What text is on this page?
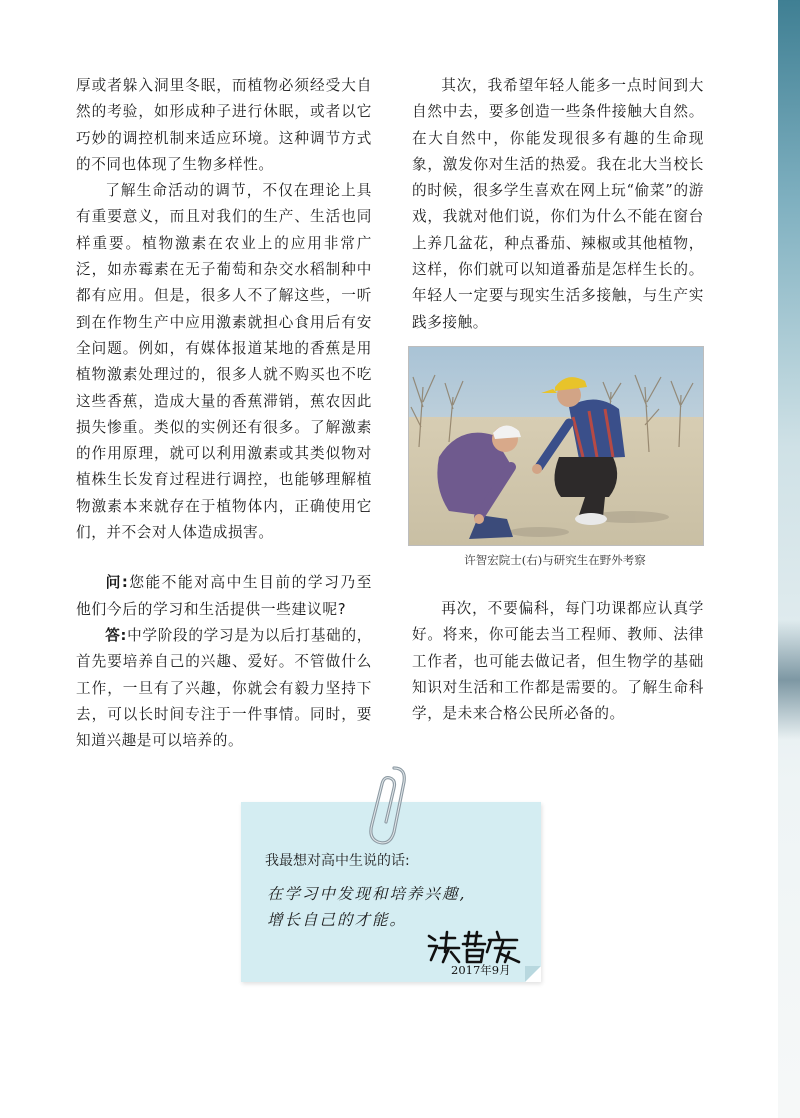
厚或者躲入洞里冬眠，而植物必须经受大自然的考验，如形成种子进行休眠，或者以它巧妙的调控机制来适应环境。这种调节方式的不同也体现了生物多样性。

了解生命活动的调节，不仅在理论上具有重要意义，而且对我们的生产、生活也同样重要。植物激素在农业上的应用非常广泛，如赤霉素在无子葡萄和杂交水稻制种中都有应用。但是，很多人不了解这些，一听到在作物生产中应用激素就担心食用后有安全问题。例如，有媒体报道某地的香蕉是用植物激素处理过的，很多人就不购买也不吃这些香蕉，造成大量的香蕉滞销，蕉农因此损失惨重。类似的实例还有很多。了解激素的作用原理，就可以利用激素或其类似物对植株生长发育过程进行调控，也能够理解植物激素本来就存在于植物体内，正确使用它们，并不会对人体造成损害。

问:您能不能对高中生目前的学习乃至他们今后的学习和生活提供一些建议呢?

答:中学阶段的学习是为以后打基础的，首先要培养自己的兴趣、爱好。不管做什么工作，一旦有了兴趣，你就会有毅力坚持下去，可以长时间专注于一件事情。同时，要知道兴趣是可以培养的。

其次，我希望年轻人能多一点时间到大自然中去，要多创造一些条件接触大自然。在大自然中，你能发现很多有趣的生命现象，激发你对生活的热爱。我在北大当校长的时候，很多学生喜欢在网上玩“偷菜”的游戏，我就对他们说，你们为什么不能在窗台上养几盆花，种点番茄、辣椒或其他植物，这样，你们就可以知道番茄是怎样生长的。年轻人一定要与现实生活多接触，与生产实践多接触。

许智宏院士(右)与研究生在野外考察

再次，不要偏科，每门功课都应认真学好。将来，你可能去当工程师、教师、法律工作者，也可能去做记者，但生物学的基础知识对生活和工作都是需要的。了解生命科学，是未来合格公民所必备的。

我最想对高中生说的话:
在学习中发现和培养兴趣,
增长自己的才能。
2017年9月
